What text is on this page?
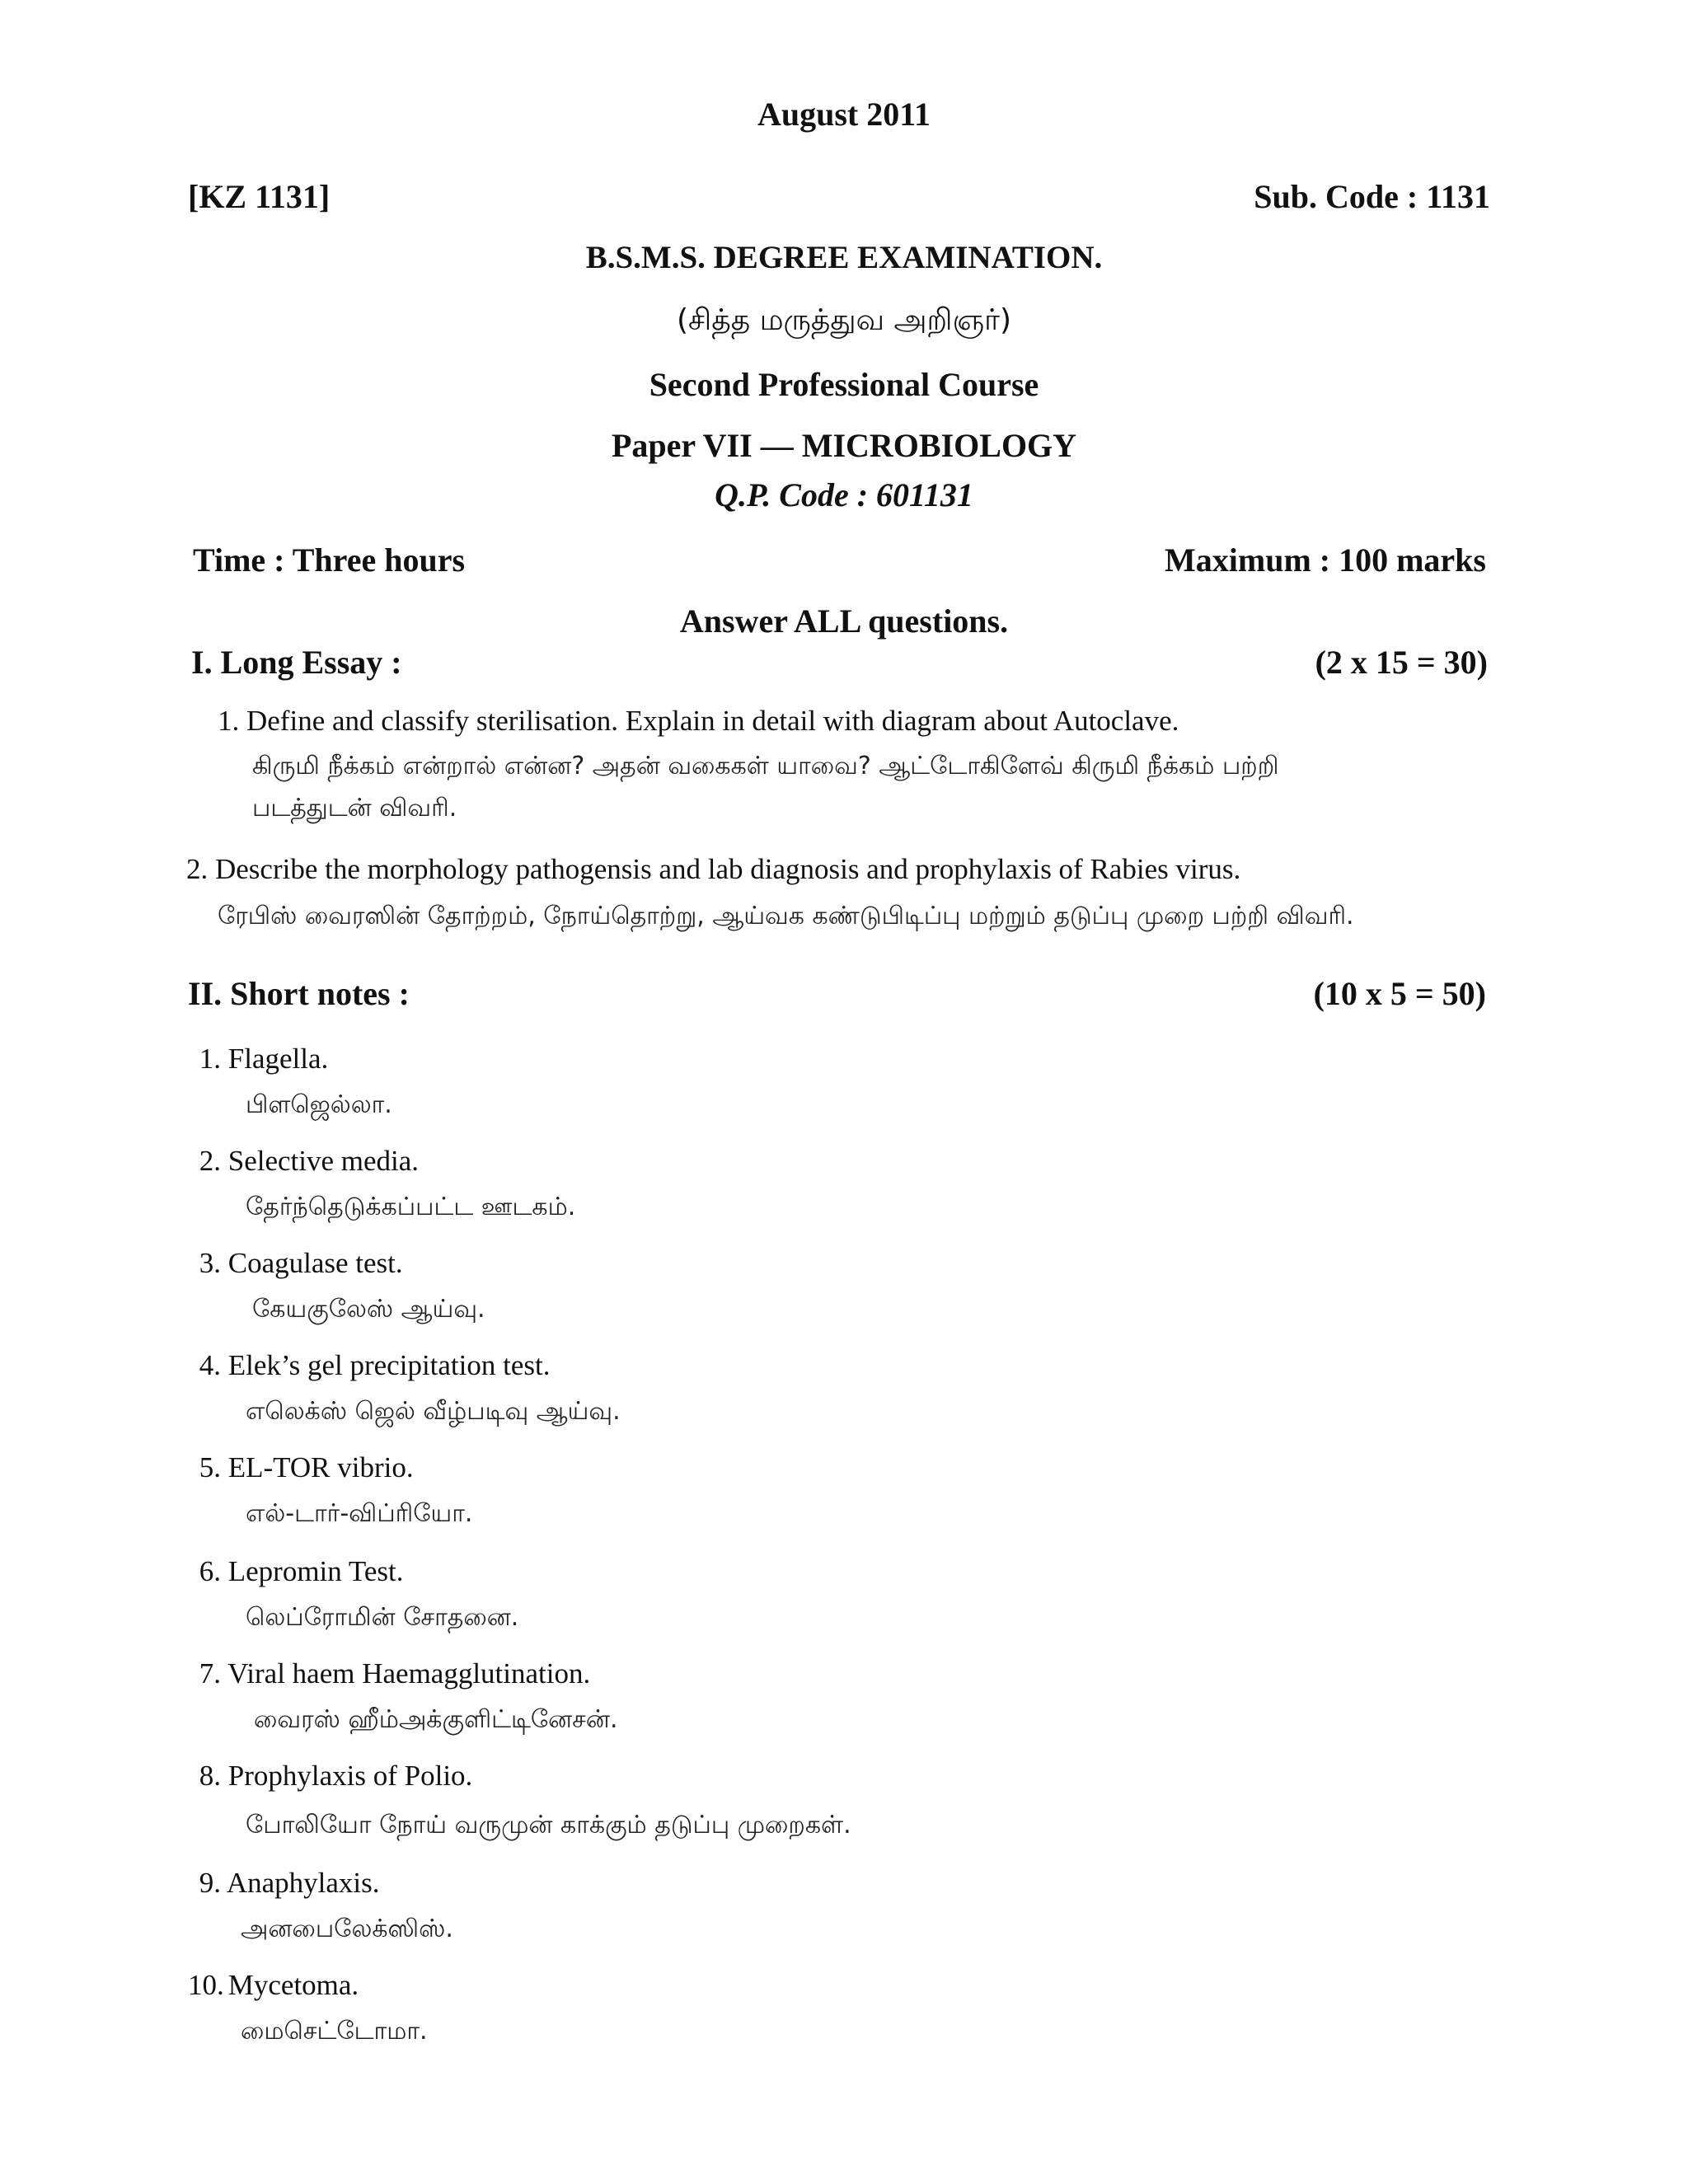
August 2011
[KZ 1131]	Sub. Code : 1131
B.S.M.S. DEGREE EXAMINATION.
(சித்த மருத்துவ அறிஞர்)
Second Professional Course
Paper VII — MICROBIOLOGY
Q.P. Code : 601131
Time : Three hours	Maximum : 100 marks
Answer ALL questions.
I. Long Essay :	(2 x 15 = 30)
1. Define and classify sterilisation. Explain in detail with diagram about Autoclave.
கிருமி நீக்கம் என்றால் என்ன? அதன் வகைகள் யாவை? ஆட்டோகிளேவ் கிருமி நீக்கம் பற்றி
படத்துடன் விவரி.
2. Describe the morphology pathogensis and lab diagnosis and prophylaxis of Rabies virus.
ரேபிஸ் வைரஸின் தோற்றம், நோய்தொற்று, ஆய்வக கண்டுபிடிப்பு மற்றும் தடுப்பு முறை பற்றி விவரி.
II. Short notes :	(10 x 5 = 50)
1. Flagella.
பிளஜெல்லா.
2. Selective media.
தேர்ந்தெடுக்கப்பட்ட ஊடகம்.
3. Coagulase test.
கேயகுலேஸ் ஆய்வு.
4. Elek’s gel precipitation test.
எலெக்ஸ் ஜெல் வீழ்படிவு ஆய்வு.
5. EL-TOR vibrio.
எல்-டார்-விப்ரியோ.
6. Lepromin Test.
லெப்ரோமின் சோதனை.
7. Viral haem Haemagglutination.
வைரஸ் ஹீம்அக்குளிட்டினேசன்.
8. Prophylaxis of Polio.
போலியோ நோய் வருமுன் காக்கும் தடுப்பு முறைகள்.
9. Anaphylaxis.
அனபைலேக்ஸிஸ்.
10. Mycetoma.
மைசெட்டோமா.
